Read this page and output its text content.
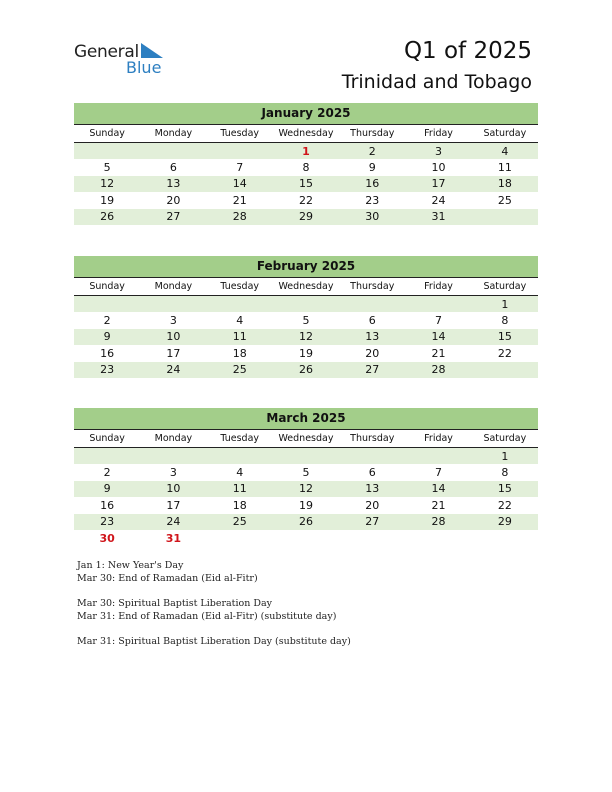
General
Blue
Q1 of 2025
Trinidad and Tobago
January 2025
Sunday	Monday	Tuesday	Wednesday	Thursday	Friday	Saturday
			1	2	3	4
5	6	7	8	9	10	11
12	13	14	15	16	17	18
19	20	21	22	23	24	25
26	27	28	29	30	31	
February 2025
Sunday	Monday	Tuesday	Wednesday	Thursday	Friday	Saturday
						1
2	3	4	5	6	7	8
9	10	11	12	13	14	15
16	17	18	19	20	21	22
23	24	25	26	27	28	
March 2025
Sunday	Monday	Tuesday	Wednesday	Thursday	Friday	Saturday
						1
2	3	4	5	6	7	8
9	10	11	12	13	14	15
16	17	18	19	20	21	22
23	24	25	26	27	28	29
30	31					
Jan 1: New Year's Day
Mar 30: End of Ramadan (Eid al-Fitr)
Mar 30: Spiritual Baptist Liberation Day
Mar 31: End of Ramadan (Eid al-Fitr) (substitute day)
Mar 31: Spiritual Baptist Liberation Day (substitute day)
